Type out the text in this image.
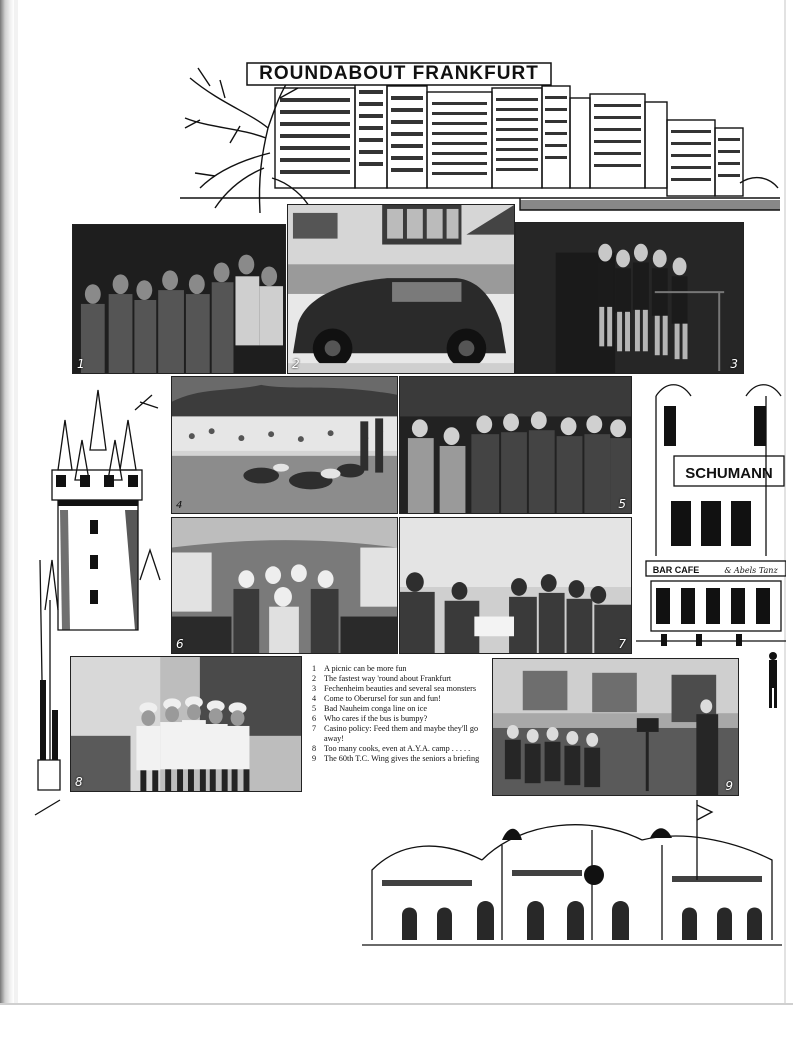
ROUNDABOUT FRANKFURT
1	2	3
4	5
SCHUMANN
BAR CAFE	& Abels Tanz
6	7
8
1 A picnic can be more fun
2 The fastest way 'round about Frankfurt
3 Fechenheim beauties and several sea monsters
4 Come to Oberursel for sun and fun!
5 Bad Nauheim conga line on ice
6 Who cares if the bus is bumpy?
7 Casino policy: Feed them and maybe they'll go away!
8 Too many cooks, even at A.Y.A. camp . . . . .
9 The 60th T.C. Wing gives the seniors a briefing
9
